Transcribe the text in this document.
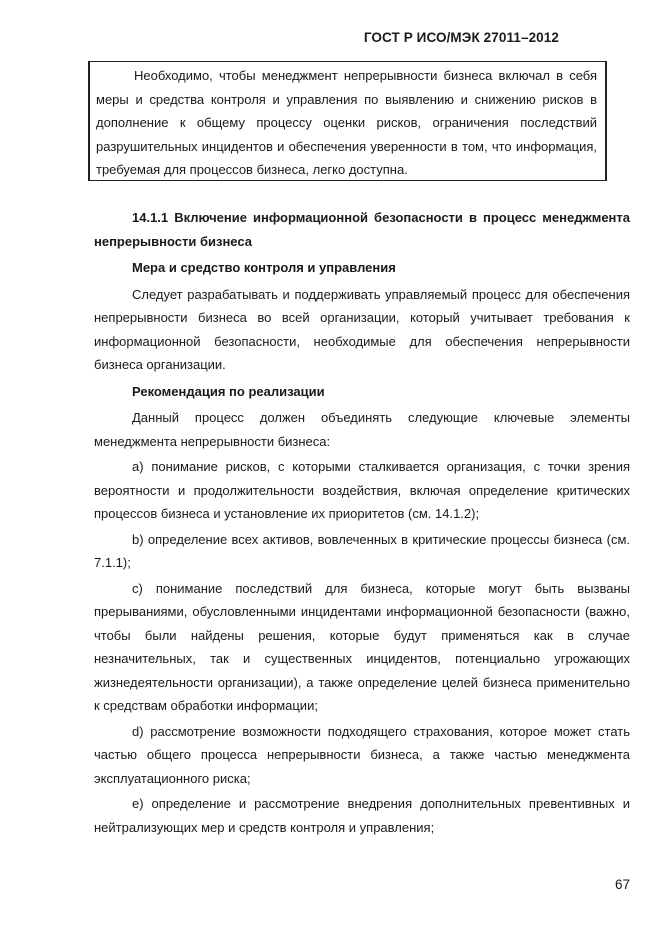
ГОСТ Р ИСО/МЭК 27011–2012

Необходимо, чтобы менеджмент непрерывности бизнеса включал в себя меры и средства контроля и управления по выявлению и снижению рисков в дополнение к общему процессу оценки рисков, ограничения последствий разрушительных инцидентов и обеспечения уверенности в том, что информация, требуемая для процессов бизнеса, легко доступна.

14.1.1 Включение информационной безопасности в процесс менеджмента непрерывности бизнеса

Мера и средство контроля и управления

Следует разрабатывать и поддерживать управляемый процесс для обеспечения непрерывности бизнеса во всей организации, который учитывает требования к информационной безопасности, необходимые для обеспечения непрерывности бизнеса организации.

Рекомендация по реализации

Данный процесс должен объединять следующие ключевые элементы менеджмента непрерывности бизнеса:

a) понимание рисков, с которыми сталкивается организация, с точки зрения вероятности и продолжительности воздействия, включая определение критических процессов бизнеса и установление их приоритетов (см. 14.1.2);

b) определение всех активов, вовлеченных в критические процессы бизнеса (см. 7.1.1);

c) понимание последствий для бизнеса, которые могут быть вызваны прерываниями, обусловленными инцидентами информационной безопасности (важно, чтобы были найдены решения, которые будут применяться как в случае незначительных, так и существенных инцидентов, потенциально угрожающих жизнедеятельности организации), а также определение целей бизнеса применительно к средствам обработки информации;

d) рассмотрение возможности подходящего страхования, которое может стать частью общего процесса непрерывности бизнеса, а также частью менеджмента эксплуатационного риска;

e) определение и рассмотрение внедрения дополнительных превентивных и нейтрализующих мер и средств контроля и управления;

67
